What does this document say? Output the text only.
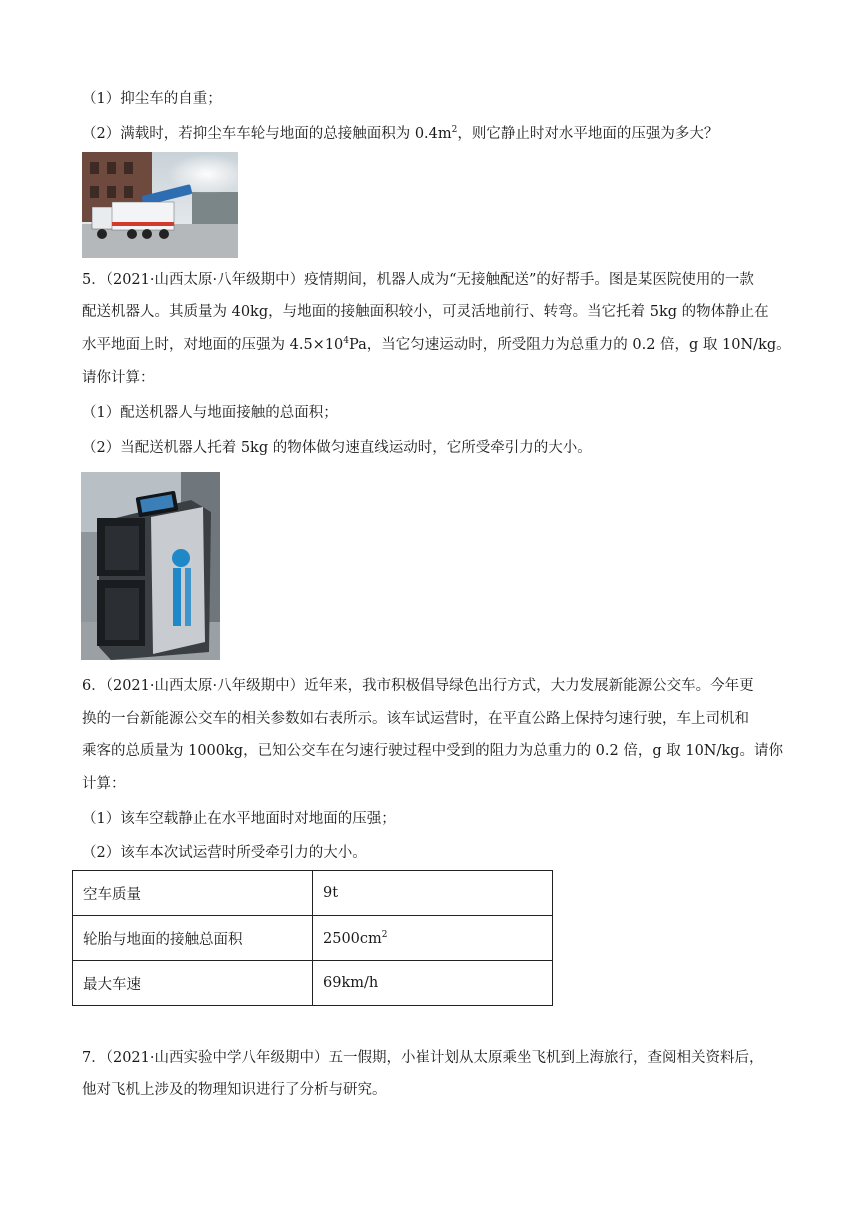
（1）抑尘车的自重；
（2）满载时，若抑尘车车轮与地面的总接触面积为 $0.4m^2$，则它静止时对水平地面的压强为多大？
5．（2021·山西太原·八年级期中）疫情期间，机器人成为“无接触配送”的好帮手。图是某医院使用的一款
配送机器人。其质量为 40kg，与地面的接触面积较小，可灵活地前行、转弯。当它托着 5kg 的物体静止在
水平地面上时，对地面的压强为 $4.5\times 10^4Pa$，当它匀速运动时，所受阻力为总重力的 0.2 倍，g 取 10N/kg。
请你计算：
（1）配送机器人与地面接触的总面积；
（2）当配送机器人托着 5kg 的物体做匀速直线运动时，它所受牵引力的大小。
6．（2021·山西太原·八年级期中）近年来，我市积极倡导绿色出行方式，大力发展新能源公交车。今年更
换的一台新能源公交车的相关参数如右表所示。该车试运营时，在平直公路上保持匀速行驶，车上司机和
乘客的总质量为 1000kg，已知公交车在匀速行驶过程中受到的阻力为总重力的 0.2 倍，g 取 10N/kg。请你
计算：
（1）该车空载静止在水平地面时对地面的压强；
（2）该车本次试运营时所受牵引力的大小。
空车质量	9t
轮胎与地面的接触总面积	$2500cm^2$
最大车速	69km/h
7．（2021·山西实验中学八年级期中）五一假期，小崔计划从太原乘坐飞机到上海旅行，查阅相关资料后，
他对飞机上涉及的物理知识进行了分析与研究。
